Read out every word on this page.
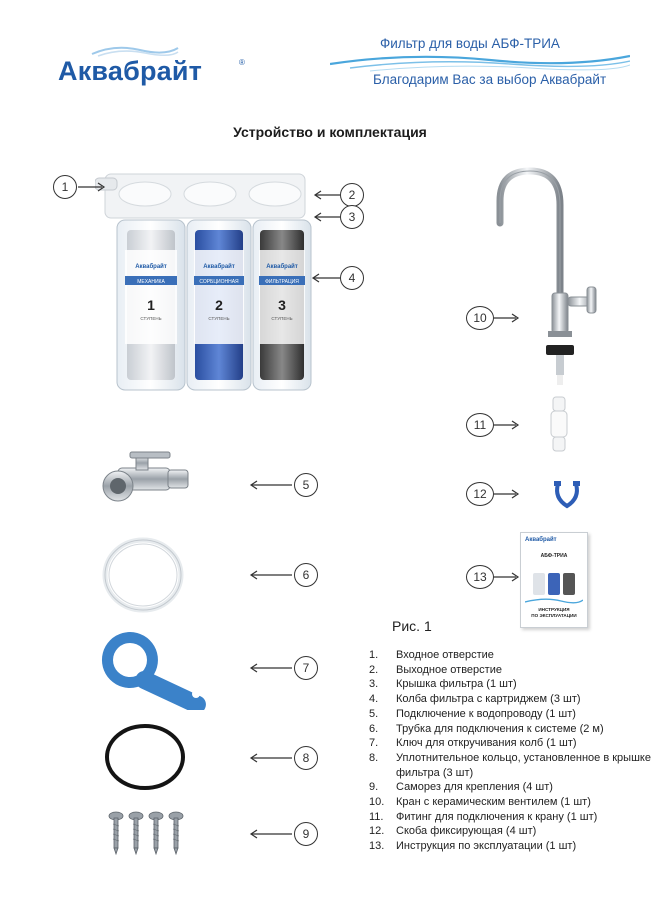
Аквабрайт	®
Фильтр для воды АБФ-ТРИА
Благодарим Вас за выбор Аквабрайт
Устройство и комплектация
Аквабрайт	Аквабрайт	Аквабрайт
МЕХАНИКА	СОРБЦИОННАЯ	ФИЛЬТРАЦИЯ
1	2	3
СТУПЕНЬ	СТУПЕНЬ	СТУПЕНЬ
1
2
3
4
10
11
12
Аквабрайт
АБФ-ТРИА
ИНСТРУКЦИЯ
ПО ЭКСПЛУАТАЦИИ
13
5
6
7
8
9
Рис. 1
1.	Входное отверстие
2.	Выходное отверстие
3.	Крышка фильтра (1 шт)
4.	Колба фильтра с картриджем (3 шт)
5.	Подключение к водопроводу (1 шт)
6.	Трубка для подключения к системе (2 м)
7.	Ключ для откручивания колб (1 шт)
8.	Уплотнительное кольцо, установленное в крышке фильтра (3 шт)
9.	Саморез для крепления (4 шт)
10.	Кран с керамическим вентилем (1 шт)
11.	Фитинг для подключения к крану (1 шт)
12.	Скоба фиксирующая (4 шт)
13.	Инструкция по эксплуатации (1 шт)
